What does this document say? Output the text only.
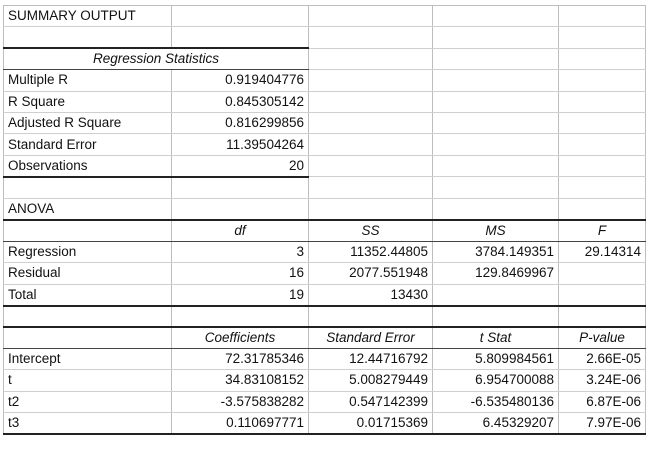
SUMMARY OUTPUT				

Regression Statistics				
Multiple R	0.919404776			
R Square	0.845305142			
Adjusted R Square	0.816299856			
Standard Error	11.39504264			
Observations	20			

ANOVA				
	df	SS	MS	F
Regression	3	11352.44805	3784.149351	29.14314
Residual	16	2077.551948	129.8469967	
Total	19	13430		

	Coefficients	Standard Error	t Stat	P-value
Intercept	72.31785346	12.44716792	5.809984561	2.66E-05
t	34.83108152	5.008279449	6.954700088	3.24E-06
t2	-3.575838282	0.547142399	-6.535480136	6.87E-06
t3	0.110697771	0.01715369	6.45329207	7.97E-06
